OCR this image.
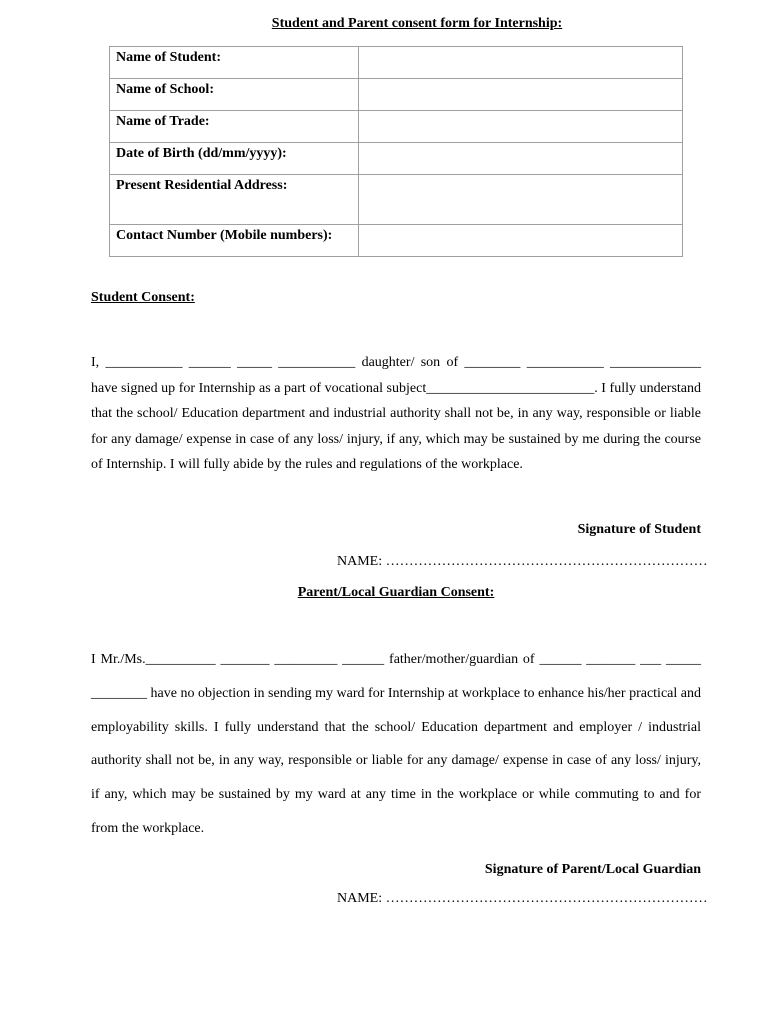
Student and Parent consent form for Internship:
Name of Student:	
Name of School:	
Name of Trade:	
Date of Birth (dd/mm/yyyy):	
Present Residential Address:	
Contact Number (Mobile numbers):	
Student Consent:
I, ___________ ______ _____ ___________ daughter/ son of ________ ___________ _____________ have signed up for Internship as a part of vocational subject________________________. I fully understand that the school/ Education department and industrial authority shall not be, in any way, responsible or liable for any damage/ expense in case of any loss/ injury, if any, which may be sustained by me during the course of Internship. I will fully abide by the rules and regulations of the workplace.
Signature of Student
NAME: ……………………………………………………………
Parent/Local Guardian Consent:
I Mr./Ms.__________ _______ _________ ______ father/mother/guardian of ______ _______ ___ _____ ________ have no objection in sending my ward for Internship at workplace to enhance his/her practical and employability skills. I fully understand that the school/ Education department and employer / industrial authority shall not be, in any way, responsible or liable for any damage/ expense in case of any loss/ injury, if any, which may be sustained by my ward at any time in the workplace or while commuting to and for from the workplace.
Signature of Parent/Local Guardian
NAME: ……………………………………………………………
